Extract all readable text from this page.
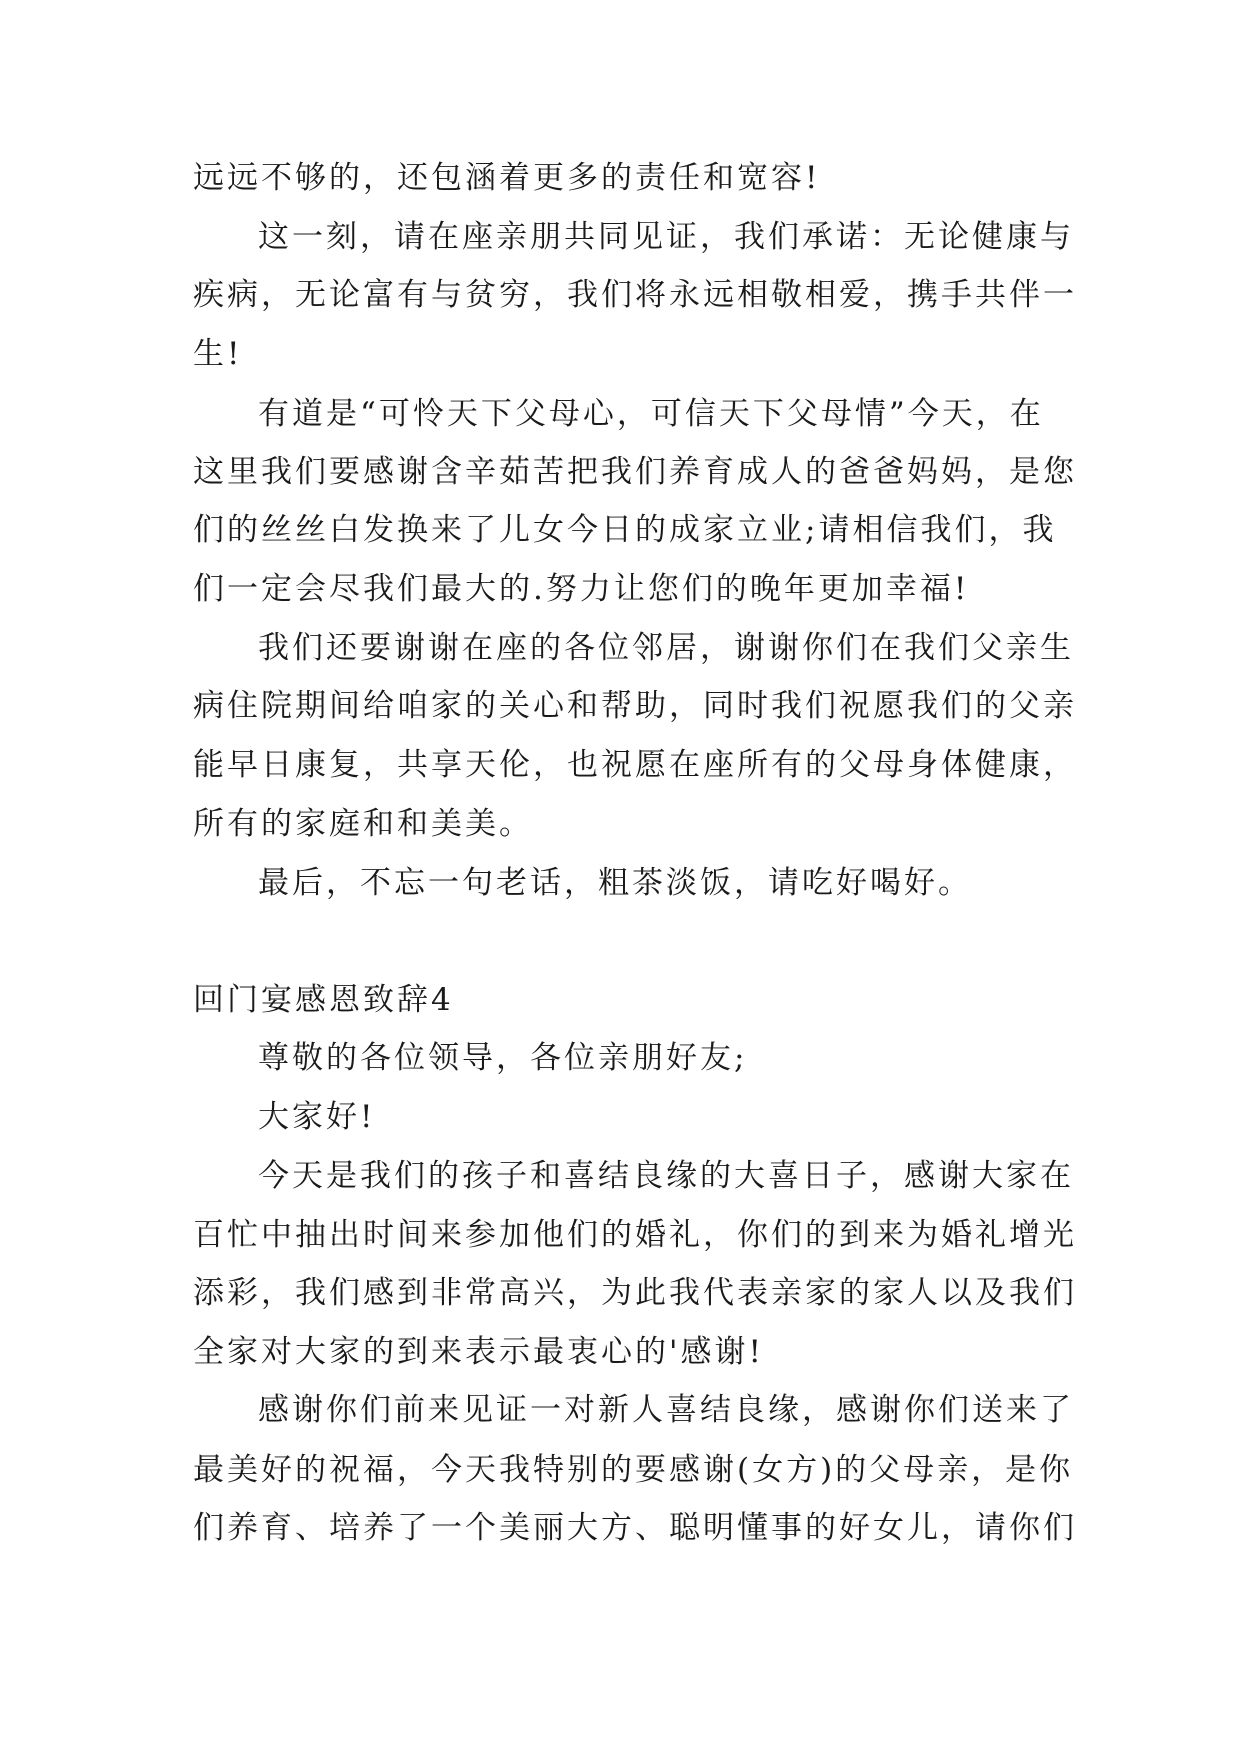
远远不够的，还包涵着更多的责任和宽容!
这一刻，请在座亲朋共同见证，我们承诺：无论健康与
疾病，无论富有与贫穷，我们将永远相敬相爱，携手共伴一
生!
有道是“可怜天下父母心，可信天下父母情”今天，在
这里我们要感谢含辛茹苦把我们养育成人的爸爸妈妈，是您
们的丝丝白发换来了儿女今日的成家立业;请相信我们，我
们一定会尽我们最大的.努力让您们的晚年更加幸福!
我们还要谢谢在座的各位邻居，谢谢你们在我们父亲生
病住院期间给咱家的关心和帮助，同时我们祝愿我们的父亲
能早日康复，共享天伦，也祝愿在座所有的父母身体健康，
所有的家庭和和美美。
最后，不忘一句老话，粗茶淡饭，请吃好喝好。
回门宴感恩致辞4
尊敬的各位领导，各位亲朋好友;
大家好!
今天是我们的孩子和喜结良缘的大喜日子，感谢大家在
百忙中抽出时间来参加他们的婚礼，你们的到来为婚礼增光
添彩，我们感到非常高兴，为此我代表亲家的家人以及我们
全家对大家的到来表示最衷心的'感谢!
感谢你们前来见证一对新人喜结良缘，感谢你们送来了
最美好的祝福，今天我特别的要感谢(女方)的父母亲，是你
们养育、培养了一个美丽大方、聪明懂事的好女儿，请你们
